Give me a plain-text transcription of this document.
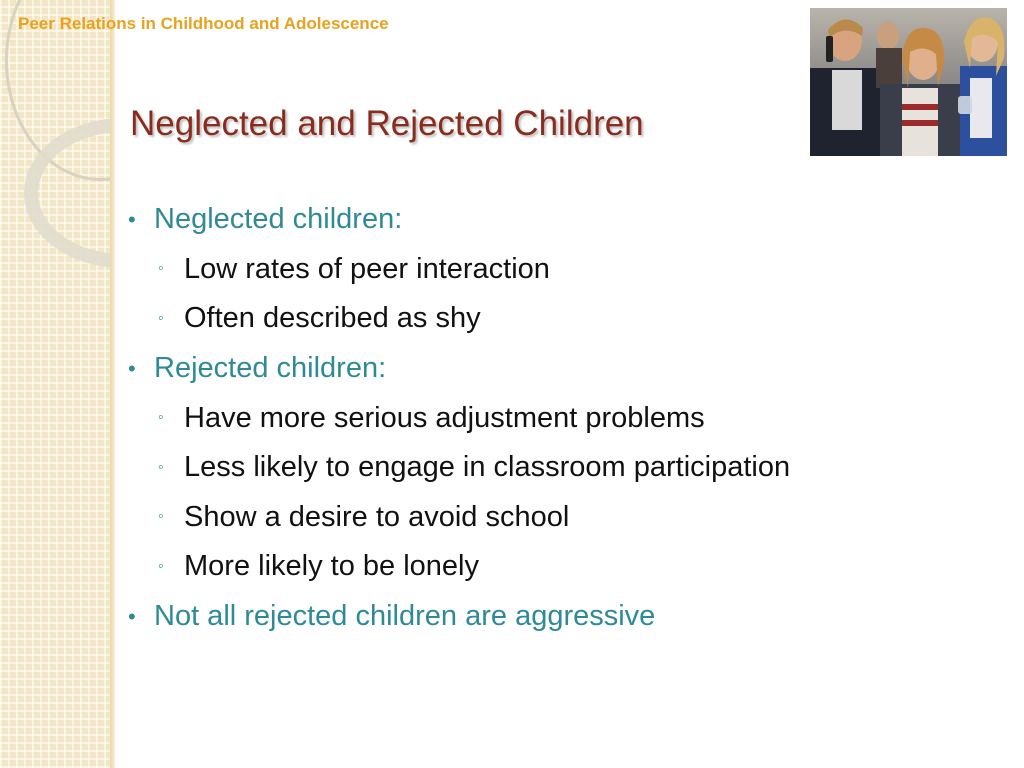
Peer Relations in Childhood and Adolescence

Neglected and Rejected Children
• Neglected children:
◦ Low rates of peer interaction
◦ Often described as shy
• Rejected children:
◦ Have more serious adjustment problems
◦ Less likely to engage in classroom participation
◦ Show a desire to avoid school
◦ More likely to be lonely
• Not all rejected children are aggressive
